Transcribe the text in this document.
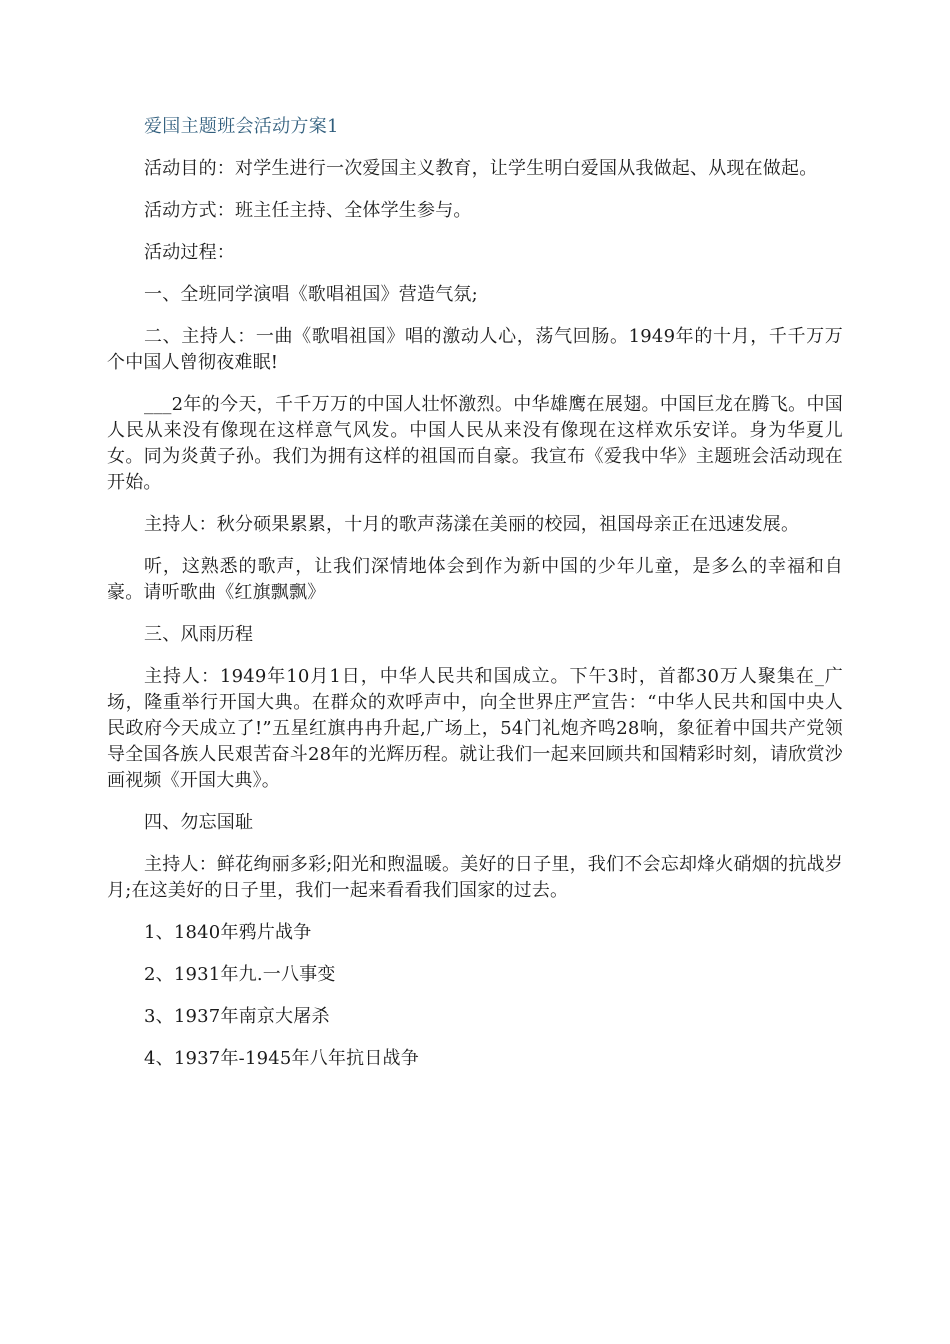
爱国主题班会活动方案1

活动目的：对学生进行一次爱国主义教育，让学生明白爱国从我做起、从现在做起。

活动方式：班主任主持、全体学生参与。

活动过程：

一、全班同学演唱《歌唱祖国》营造气氛;

二、主持人：一曲《歌唱祖国》唱的激动人心，荡气回肠。1949年的十月，千千万万个中国人曾彻夜难眠!

___2年的今天，千千万万的中国人壮怀激烈。中华雄鹰在展翅。中国巨龙在腾飞。中国人民从来没有像现在这样意气风发。中国人民从来没有像现在这样欢乐安详。身为华夏儿女。同为炎黄子孙。我们为拥有这样的祖国而自豪。我宣布《爱我中华》主题班会活动现在开始。

主持人：秋分硕果累累，十月的歌声荡漾在美丽的校园，祖国母亲正在迅速发展。

听，这熟悉的歌声，让我们深情地体会到作为新中国的少年儿童，是多么的幸福和自豪。请听歌曲《红旗飘飘》

三、风雨历程

主持人：1949年10月1日，中华人民共和国成立。下午3时，首都30万人聚集在_广场，隆重举行开国大典。在群众的欢呼声中，向全世界庄严宣告：“中华人民共和国中央人民政府今天成立了!”五星红旗冉冉升起,广场上，54门礼炮齐鸣28响，象征着中国共产党领导全国各族人民艰苦奋斗28年的光辉历程。就让我们一起来回顾共和国精彩时刻，请欣赏沙画视频《开国大典》。

四、勿忘国耻

主持人：鲜花绚丽多彩;阳光和煦温暖。美好的日子里，我们不会忘却烽火硝烟的抗战岁月;在这美好的日子里，我们一起来看看我们国家的过去。

1、1840年鸦片战争

2、1931年九.一八事变

3、1937年南京大屠杀

4、1937年-1945年八年抗日战争
